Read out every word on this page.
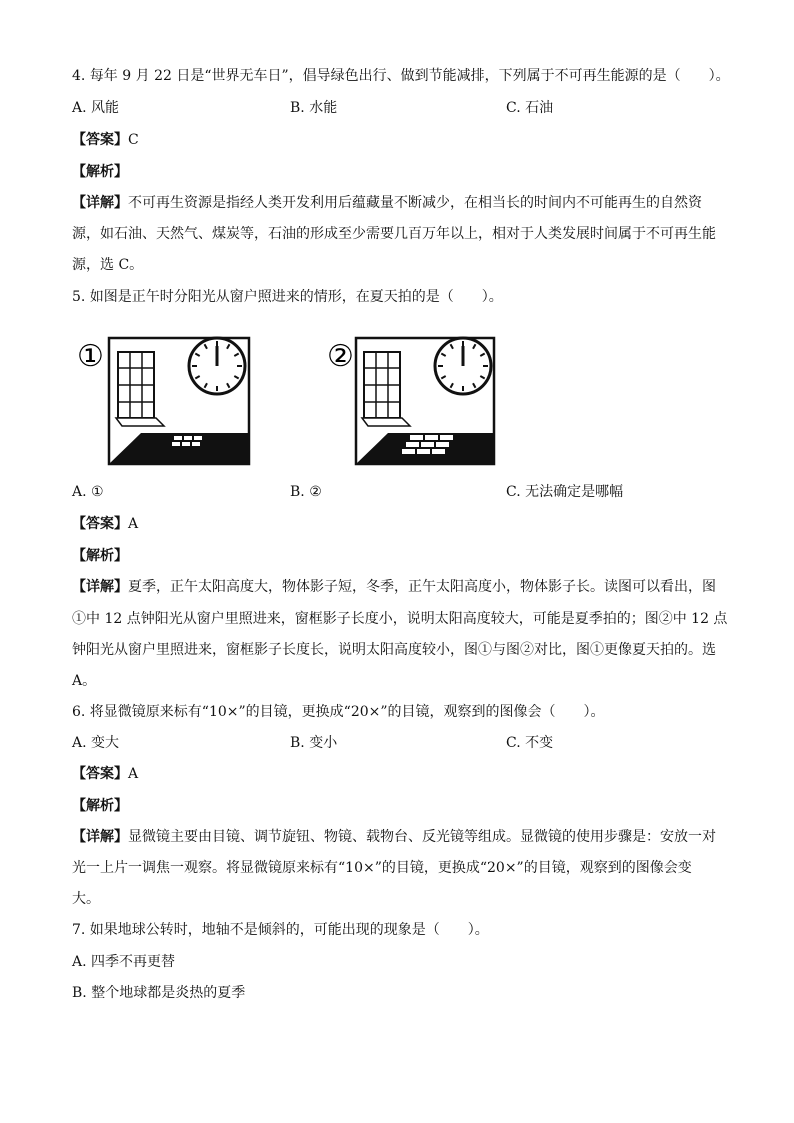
4. 每年 9 月 22 日是“世界无车日”，倡导绿色出行、做到节能减排，下列属于不可再生能源的是（　　）。
A. 风能	B. 水能	C. 石油
【答案】C
【解析】
【详解】不可再生资源是指经人类开发利用后蕴藏量不断减少，在相当长的时间内不可能再生的自然资
源，如石油、天然气、煤炭等，石油的形成至少需要几百万年以上，相对于人类发展时间属于不可再生能
源，选 C。
5. 如图是正午时分阳光从窗户照进来的情形，在夏天拍的是（　　）。
①	②
A. ①	B. ②	C. 无法确定是哪幅
【答案】A
【解析】
【详解】夏季，正午太阳高度大，物体影子短，冬季，正午太阳高度小，物体影子长。读图可以看出，图
①中 12 点钟阳光从窗户里照进来，窗框影子长度小，说明太阳高度较大，可能是夏季拍的；图②中 12 点
钟阳光从窗户里照进来，窗框影子长度长，说明太阳高度较小，图①与图②对比，图①更像夏天拍的。选
A。
6. 将显微镜原来标有“10×”的目镜，更换成“20×”的目镜，观察到的图像会（　　）。
A. 变大	B. 变小	C. 不变
【答案】A
【解析】
【详解】显微镜主要由目镜、调节旋钮、物镜、载物台、反光镜等组成。显微镜的使用步骤是：安放一对
光一上片一调焦一观察。将显微镜原来标有“10×”的目镜，更换成“20×”的目镜，观察到的图像会变
大。
7. 如果地球公转时，地轴不是倾斜的，可能出现的现象是（　　）。
A. 四季不再更替
B. 整个地球都是炎热的夏季
